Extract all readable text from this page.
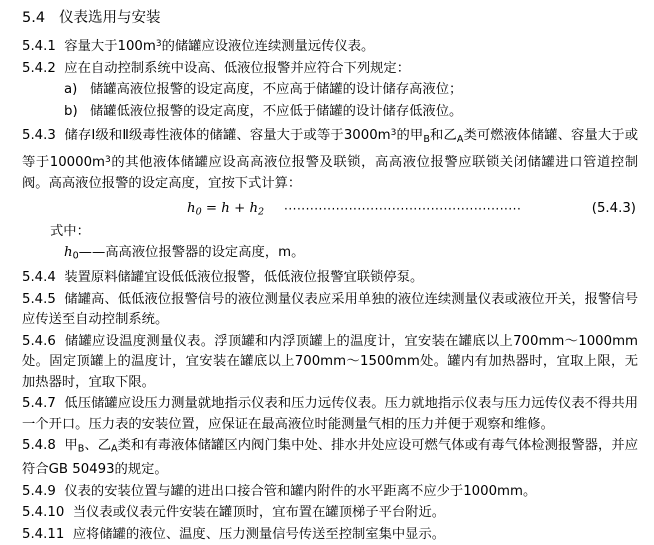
5.4 仪表选用与安装

5.4.1  容量大于$100m^3$的储罐应设液位连续测量远传仪表。

5.4.2  应在自动控制系统中设高、低液位报警并应符合下列规定：

a) 储罐高液位报警的设定高度，不应高于储罐的设计储存高液位；

b) 储罐低液位报警的设定高度，不应低于储罐的设计储存低液位。

5.4.3  储存Ⅰ级和Ⅱ级毒性液体的储罐、容量大于或等于$3000m^3$的甲$_B$和乙$_A$类可燃液体储罐、容量大于或等于$10000m^3$的其他液体储罐应设高高液位报警及联锁，高高液位报警应联锁关闭储罐进口管道控制阀。高高液位报警的设定高度，宜按下式计算：

$h_0 = h + h_2$ ·······················································	(5.4.3)

式中：

$h_0——$高高液位报警器的设定高度，m。

5.4.4 装置原料储罐宜设低低液位报警，低低液位报警宜联锁停泵。

5.4.5 储罐高、低低液位报警信号的液位测量仪表应采用单独的液位连续测量仪表或液位开关，报警信号应传送至自动控制系统。

5.4.6 储罐应设温度测量仪表。浮顶罐和内浮顶罐上的温度计，宜安装在罐底以上700mm～1000mm处。固定顶罐上的温度计，宜安装在罐底以上700mm～1500mm处。罐内有加热器时，宜取上限，无加热器时，宜取下限。

5.4.7 低压储罐应设压力测量就地指示仪表和压力远传仪表。压力就地指示仪表与压力远传仪表不得共用一个开口。压力表的安装位置，应保证在最高液位时能测量气相的压力并便于观察和维修。

5.4.8  甲$_B$、乙$_A$类和有毒液体储罐区内阀门集中处、排水井处应设可燃气体或有毒气体检测报警器，并应符合GB 50493的规定。

5.4.9 仪表的安装位置与罐的进出口接合管和罐内附件的水平距离不应少于1000mm。

5.4.10 当仪表或仪表元件安装在罐顶时，宜布置在罐顶梯子平台附近。

5.4.11 应将储罐的液位、温度、压力测量信号传送至控制室集中显示。
